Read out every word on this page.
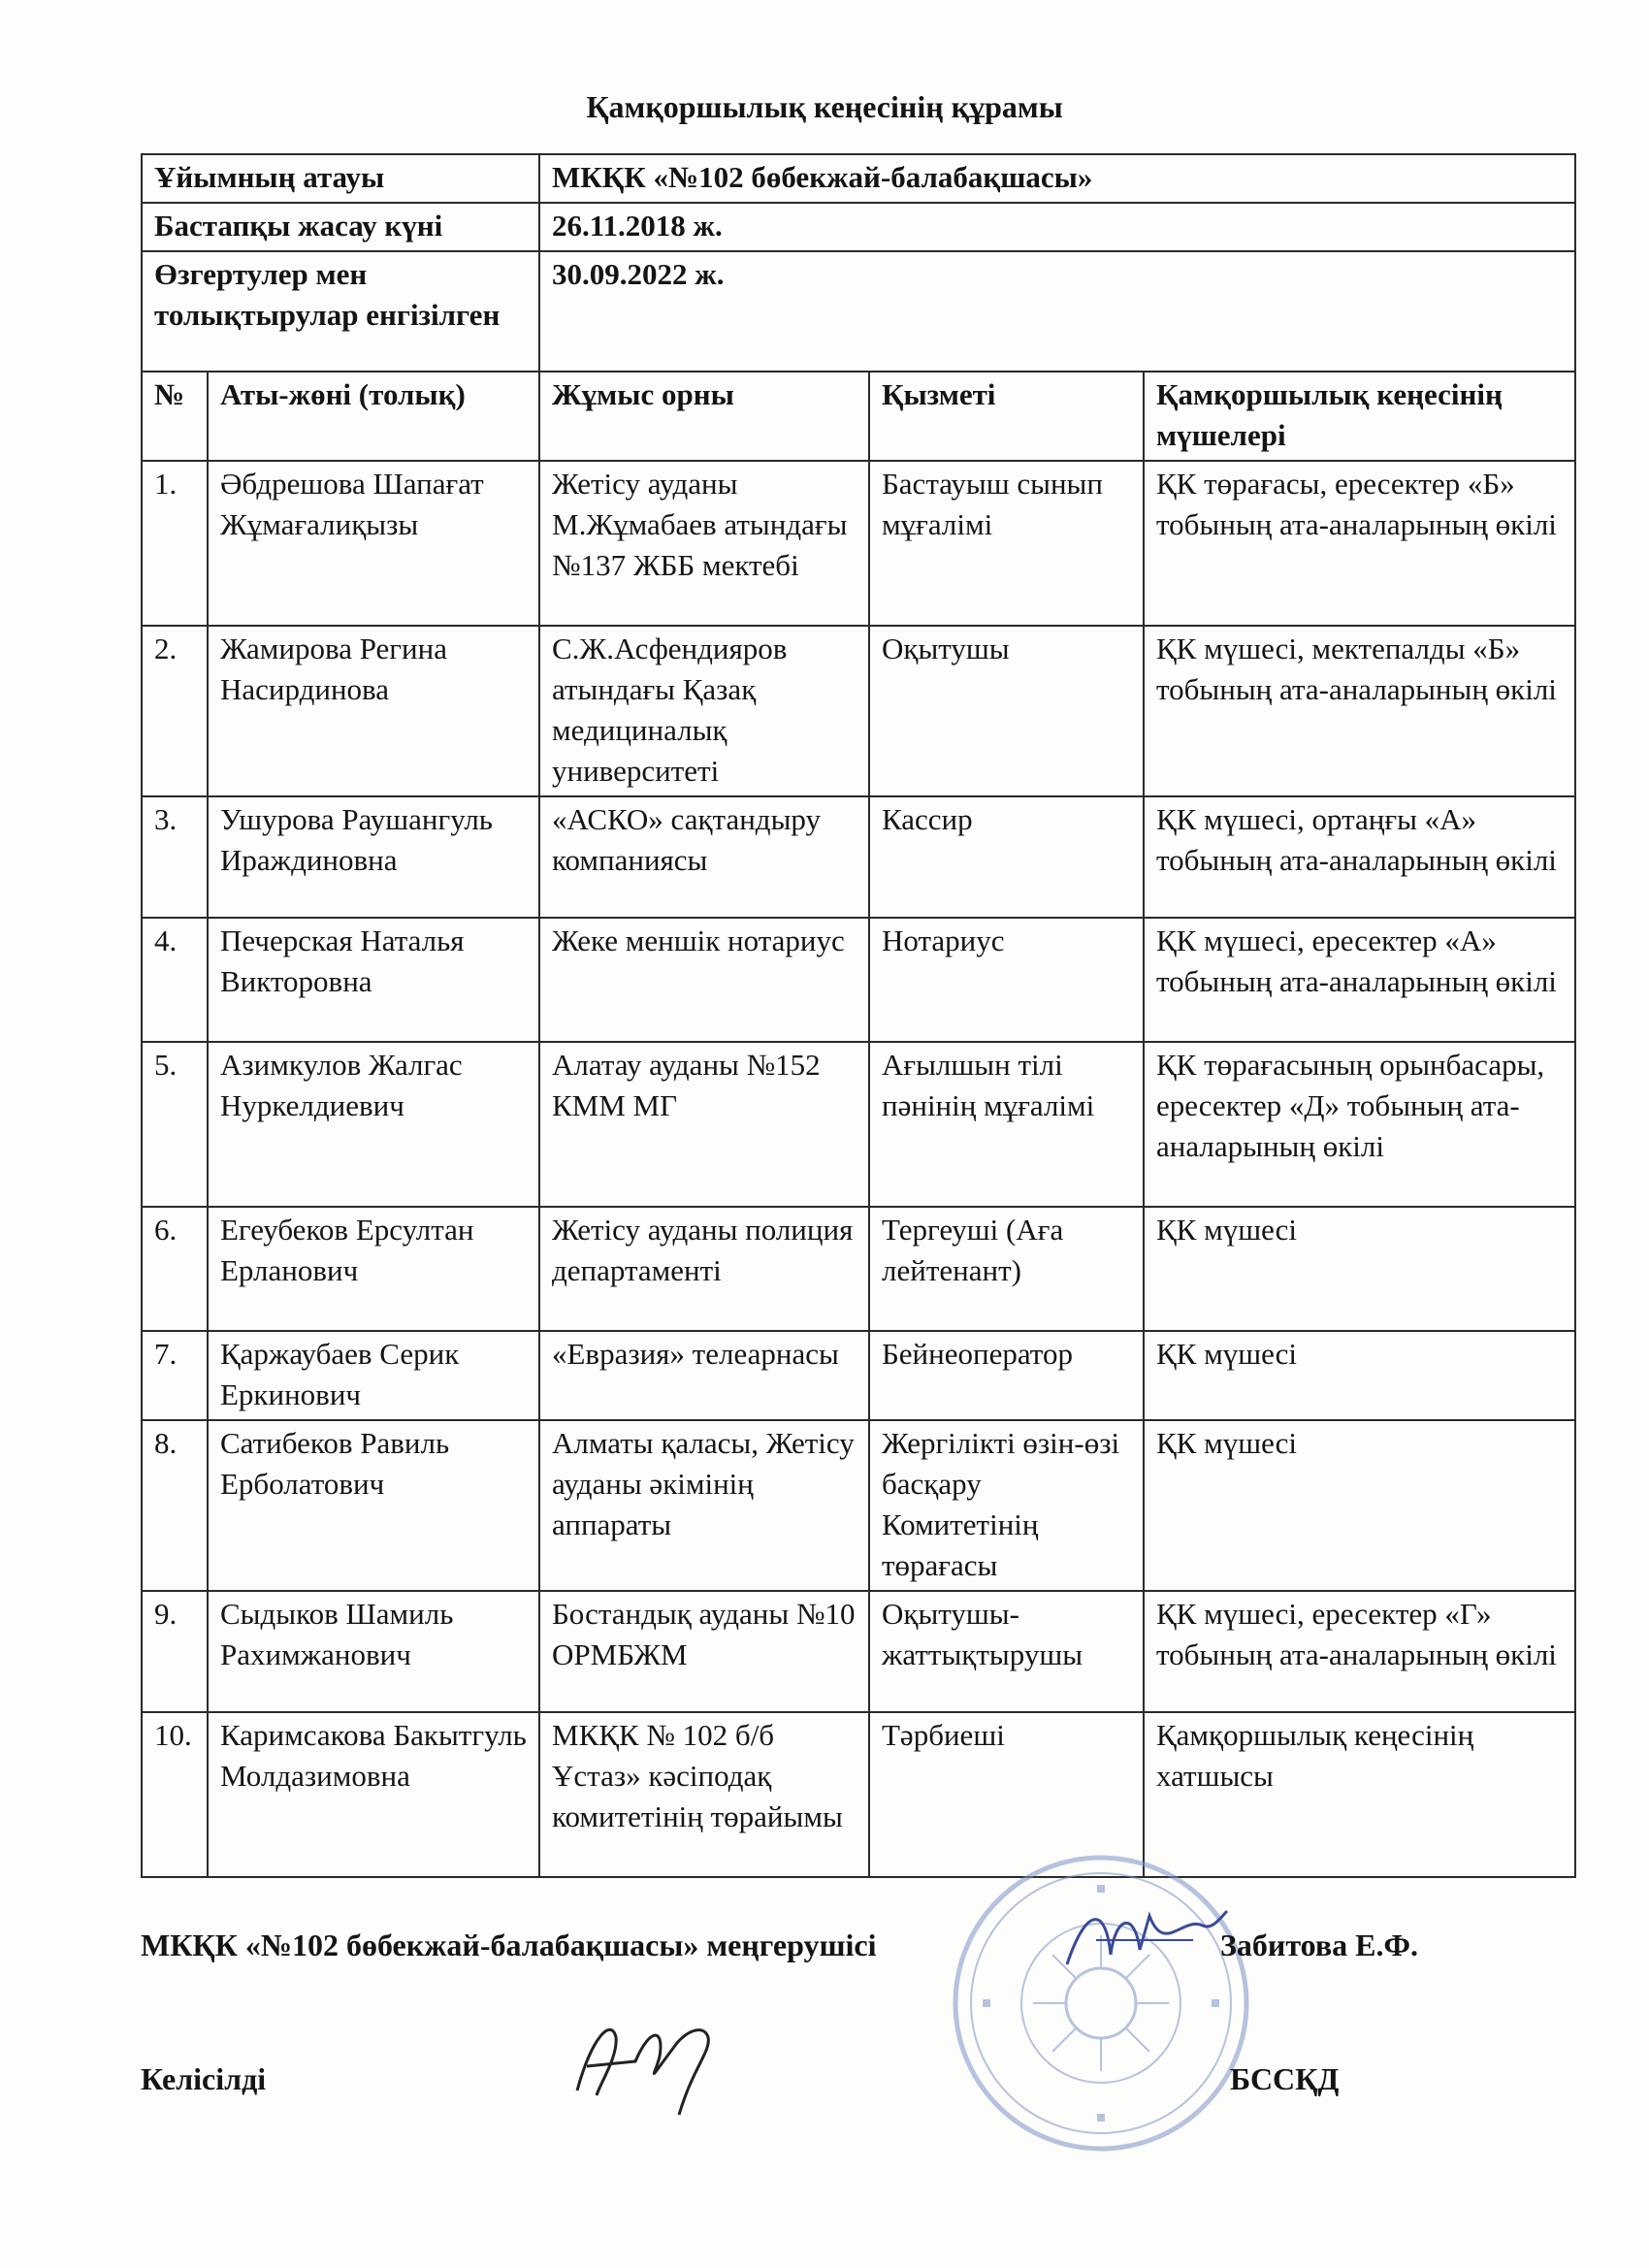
Қамқоршылық кеңесінің құрамы
Ұйымның атауы		МКҚК «№102 бөбекжай-балабақшасы»		
Бастапқы жасау күні		26.11.2018 ж.		
Өзгертулер мен толықтырулар енгізілген		30.09.2022 ж.		
№	Аты-жөні (толық)	Жұмыс орны	Қызметі	Қамқоршылық кеңесінің мүшелері
1.	Әбдрешова Шапағат Жұмағалиқызы	Жетісу ауданы М.Жұмабаев атындағы №137 ЖББ мектебі	Бастауыш сынып мұғалімі	ҚК төрағасы, ересектер «Б» тобының ата-аналарының өкілі
2.	Жамирова Регина Насирдинова	С.Ж.Асфендияров атындағы Қазақ медициналық университеті	Оқытушы	ҚК мүшесі, мектепалды «Б» тобының ата-аналарының өкілі
3.	Ушурова Раушангуль Ираждиновна	«АСКО» сақтандыру компаниясы	Кассир	ҚК мүшесі, ортаңғы «А» тобының ата-аналарының өкілі
4.	Печерская Наталья Викторовна	Жеке меншік нотариус	Нотариус	ҚК мүшесі, ересектер «А» тобының ата-аналарының өкілі
5.	Азимкулов Жалгас Нуркелдиевич	Алатау ауданы №152 КММ МГ	Ағылшын тілі пәнінің мұғалімі	ҚК төрағасының орынбасары, ересектер «Д» тобының ата-аналарының өкілі
6.	Егеубеков Ерсултан Ерланович	Жетісу ауданы полиция департаменті	Тергеуші (Аға лейтенант)	ҚК мүшесі
7.	Қаржаубаев Серик Еркинович	«Евразия» телеарнасы	Бейнеоператор	ҚК мүшесі
8.	Сатибеков Равиль Ерболатович	Алматы қаласы, Жетісу ауданы әкімінің аппараты	Жергілікті өзін-өзі басқару Комитетінің төрағасы	ҚК мүшесі
9.	Сыдыков Шамиль Рахимжанович	Бостандық ауданы №10 ОРМБЖМ	Оқытушы-жаттықтырушы	ҚК мүшесі, ересектер «Г» тобының ата-аналарының өкілі
10.	Каримсакова Бакытгуль Молдазимовна	МКҚК № 102 б/б Ұстаз» кәсіподақ комитетінің төрайымы	Тәрбиеші	Қамқоршылық кеңесінің хатшысы
МКҚК «№102 бөбекжай-балабақшасы» меңгерушісі	Забитова Е.Ф.
Келісілді	БССҚД
